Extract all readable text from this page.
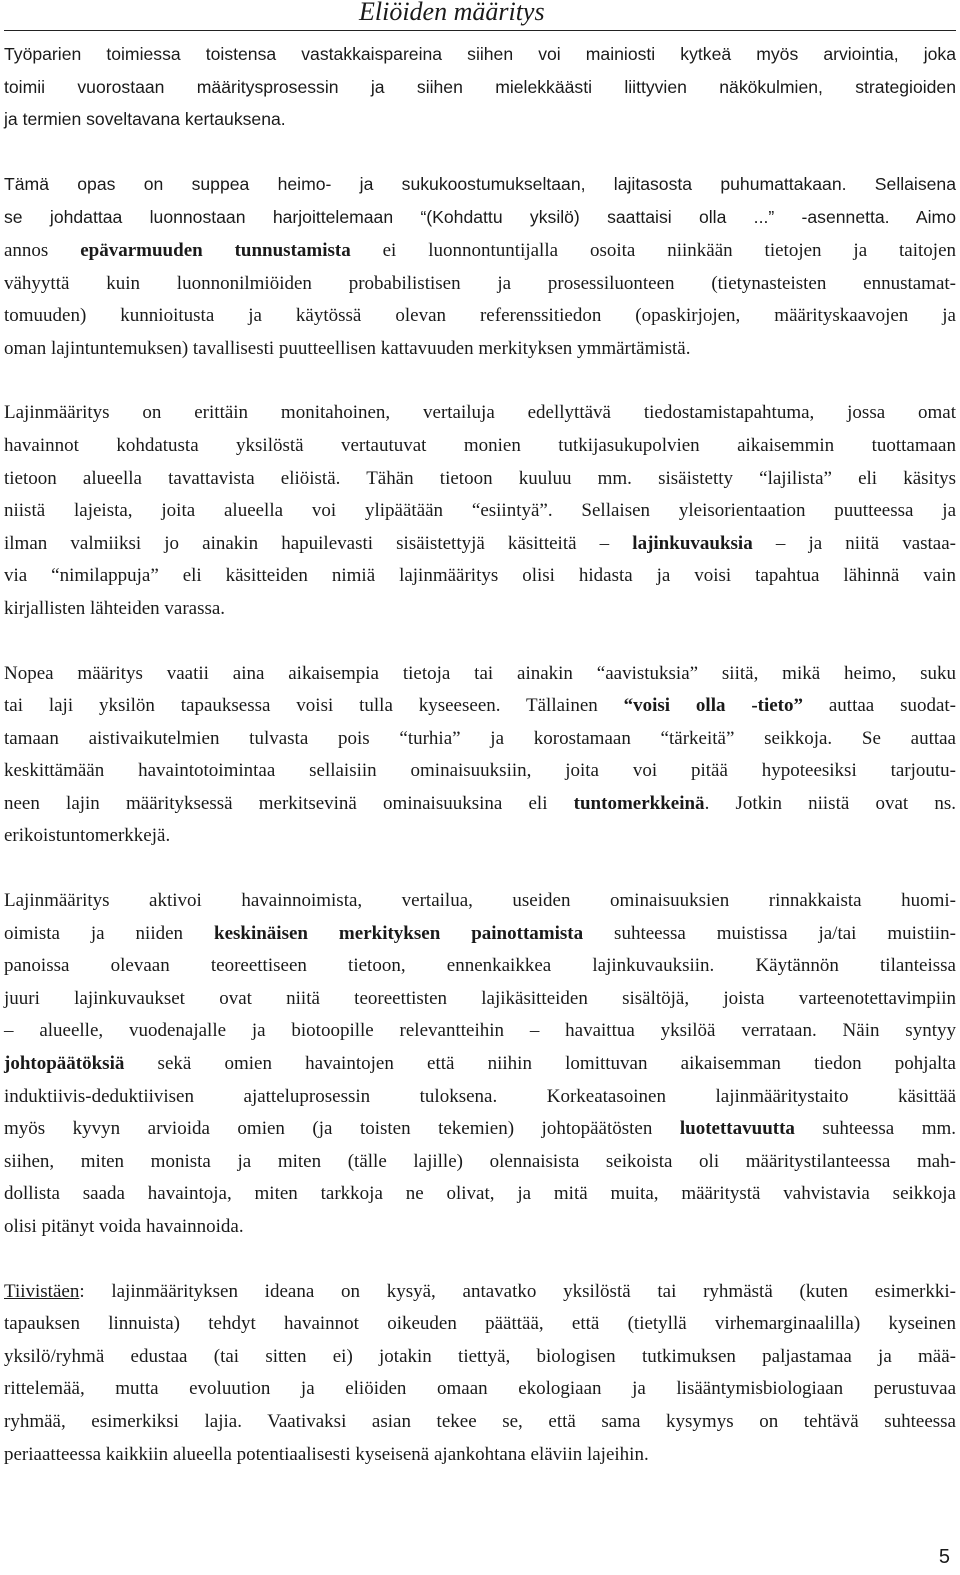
Eliöiden määritys
Työparien toimiessa toistensa vastakkaispareina siihen voi mainiosti kytkeä myös arviointia, joka
toimii vuorostaan määritysprosessin ja siihen mielekkäästi liittyvien näkökulmien, strategioiden
ja termien soveltavana kertauksena.
Tämä opas on suppea heimo- ja sukukoostumukseltaan, lajitasosta puhumattakaan. Sellaisena
se johdattaa luonnostaan harjoittelemaan “(Kohdattu yksilö) saattaisi olla ...” -asennetta. Aimo
annos epävarmuuden tunnustamista ei luonnontuntijalla osoita niinkään tietojen ja taitojen
vähyyttä kuin luonnonilmiöiden probabilistisen ja prosessiluonteen (tietynasteisten ennustamat-
tomuuden) kunnioitusta ja käytössä olevan referenssitiedon (opaskirjojen, määrityskaavojen ja
oman lajintuntemuksen) tavallisesti puutteellisen kattavuuden merkityksen ymmärtämistä.
Lajinmääritys on erittäin monitahoinen, vertailuja edellyttävä tiedostamistapahtuma, jossa omat
havainnot kohdatusta yksilöstä vertautuvat monien tutkijasukupolvien aikaisemmin tuottamaan
tietoon alueella tavattavista eliöistä. Tähän tietoon kuuluu mm. sisäistetty “lajilista” eli käsitys
niistä lajeista, joita alueella voi ylipäätään “esiintyä”. Sellaisen yleisorientaation puutteessa ja
ilman valmiiksi jo ainakin hapuilevasti sisäistettyjä käsitteitä – lajinkuvauksia – ja niitä vastaa-
via “nimilappuja” eli käsitteiden nimiä lajinmääritys olisi hidasta ja voisi tapahtua lähinnä vain
kirjallisten lähteiden varassa.
Nopea määritys vaatii aina aikaisempia tietoja tai ainakin “aavistuksia” siitä, mikä heimo, suku
tai laji yksilön tapauksessa voisi tulla kyseeseen. Tällainen “voisi olla -tieto” auttaa suodat-
tamaan aistivaikutelmien tulvasta pois “turhia” ja korostamaan “tärkeitä” seikkoja. Se auttaa
keskittämään havaintotoimintaa sellaisiin ominaisuuksiin, joita voi pitää hypoteesiksi tarjoutu-
neen lajin määrityksessä merkitsevinä ominaisuuksina eli tuntomerkkeinä. Jotkin niistä ovat ns.
erikoistuntomerkkejä.
Lajinmääritys aktivoi havainnoimista, vertailua, useiden ominaisuuksien rinnakkaista huomi-
oimista ja niiden keskinäisen merkityksen painottamista suhteessa muistissa ja/tai muistiin-
panoissa olevaan teoreettiseen tietoon, ennenkaikkea lajinkuvauksiin. Käytännön tilanteissa
juuri lajinkuvaukset ovat niitä teoreettisten lajikäsitteiden sisältöjä, joista varteenotettavimpiin
– alueelle, vuodenajalle ja biotoopille relevantteihin – havaittua yksilöä verrataan. Näin syntyy
johtopäätöksiä sekä omien havaintojen että niihin lomittuvan aikaisemman tiedon pohjalta
induktiivis-deduktiivisen ajatteluprosessin tuloksena. Korkeatasoinen lajinmääritystaito käsittää
myös kyvyn arvioida omien (ja toisten tekemien) johtopäätösten luotettavuutta suhteessa mm.
siihen, miten monista ja miten (tälle lajille) olennaisista seikoista oli määritystilanteessa mah-
dollista saada havaintoja, miten tarkkoja ne olivat, ja mitä muita, määritystä vahvistavia seikkoja
olisi pitänyt voida havainnoida.
Tiivistäen: lajinmäärityksen ideana on kysyä, antavatko yksilöstä tai ryhmästä (kuten esimerkki-
tapauksen linnuista) tehdyt havainnot oikeuden päättää, että (tietyllä virhemarginaalilla) kyseinen
yksilö/ryhmä edustaa (tai sitten ei) jotakin tiettyä, biologisen tutkimuksen paljastamaa ja mää-
rittelemää, mutta evoluution ja eliöiden omaan ekologiaan ja lisääntymisbiologiaan perustuvaa
ryhmää, esimerkiksi lajia. Vaativaksi asian tekee se, että sama kysymys on tehtävä suhteessa
periaatteessa kaikkiin alueella potentiaalisesti kyseisenä ajankohtana eläviin lajeihin.
5
